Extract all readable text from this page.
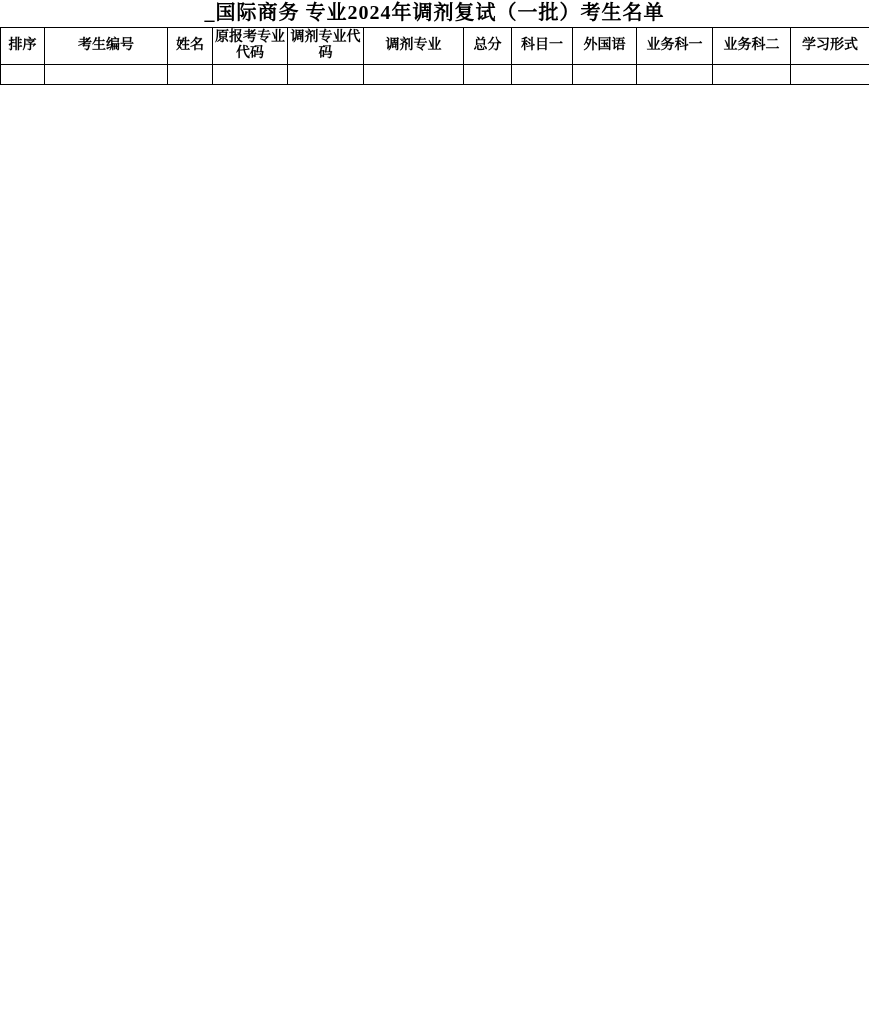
_国际商务 专业2024年调剂复试（一批）考生名单
排序	考生编号	姓名	原报考专业代码	调剂专业代码	调剂专业	总分	科目一	外国语	业务科一	业务科二	学习形式
